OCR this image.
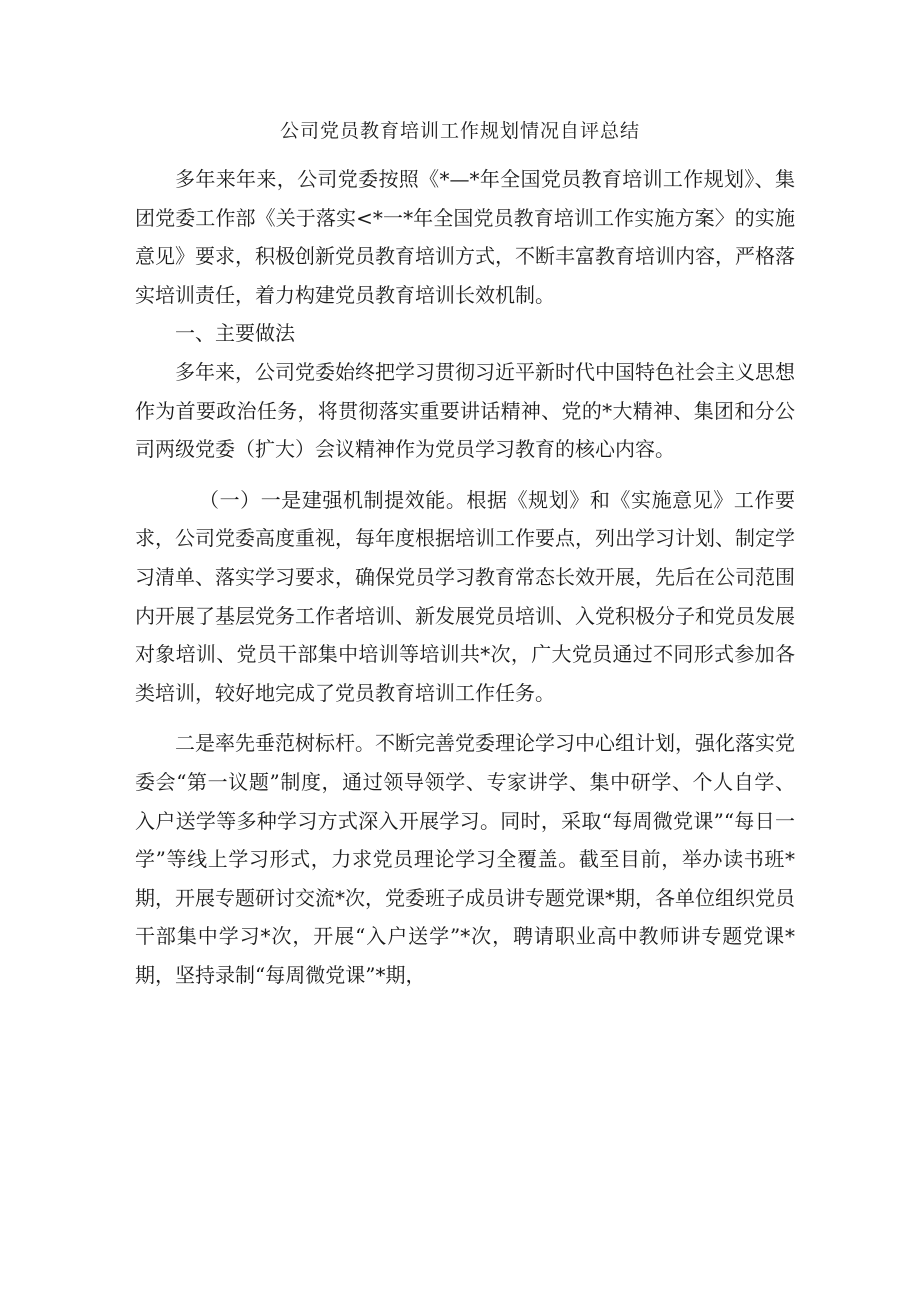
公司党员教育培训工作规划情况自评总结

多年来年来，公司党委按照《*—*年全国党员教育培训工作规划》、集团党委工作部《关于落实<*一*年全国党员教育培训工作实施方案〉的实施意见》要求，积极创新党员教育培训方式，不断丰富教育培训内容，严格落实培训责任，着力构建党员教育培训长效机制。

一、主要做法

多年来，公司党委始终把学习贯彻习近平新时代中国特色社会主义思想作为首要政治任务，将贯彻落实重要讲话精神、党的*大精神、集团和分公司两级党委（扩大）会议精神作为党员学习教育的核心内容。

（一）一是建强机制提效能。根据《规划》和《实施意见》工作要求，公司党委高度重视，每年度根据培训工作要点，列出学习计划、制定学习清单、落实学习要求，确保党员学习教育常态长效开展，先后在公司范围内开展了基层党务工作者培训、新发展党员培训、入党积极分子和党员发展对象培训、党员干部集中培训等培训共*次，广大党员通过不同形式参加各类培训，较好地完成了党员教育培训工作任务。

二是率先垂范树标杆。不断完善党委理论学习中心组计划，强化落实党委会“第一议题”制度，通过领导领学、专家讲学、集中研学、个人自学、入户送学等多种学习方式深入开展学习。同时，采取“每周微党课”“每日一学”等线上学习形式，力求党员理论学习全覆盖。截至目前，举办读书班*期，开展专题研讨交流*次，党委班子成员讲专题党课*期，各单位组织党员干部集中学习*次，开展“入户送学”*次，聘请职业高中教师讲专题党课*期，坚持录制“每周微党课”*期，
